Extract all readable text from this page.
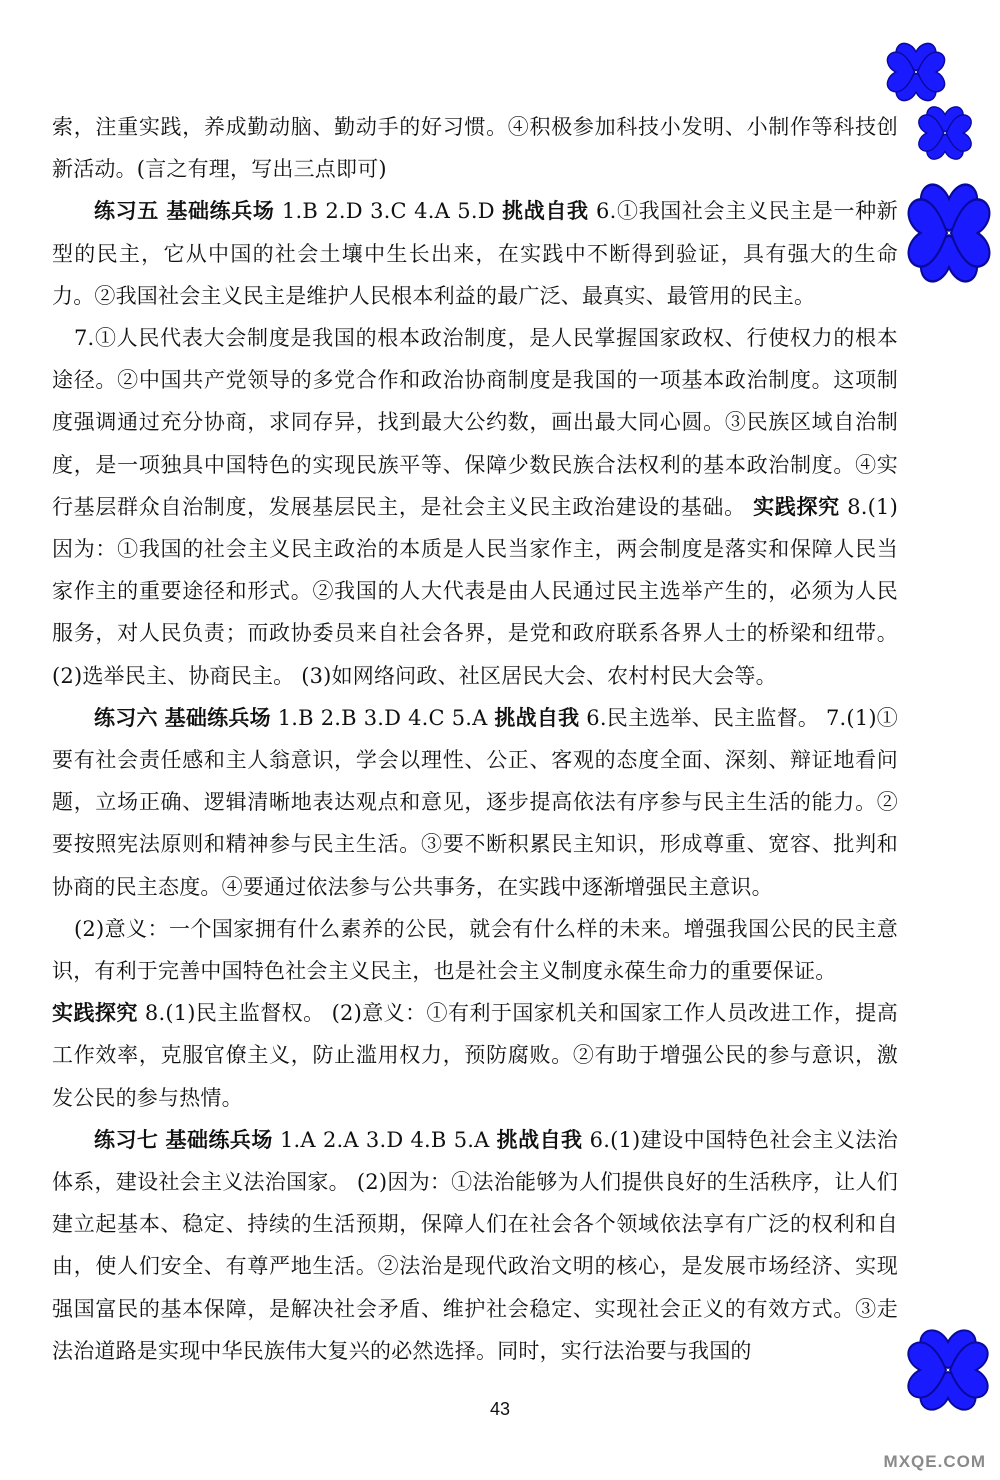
索，注重实践，养成勤动脑、勤动手的好习惯。④积极参加科技小发明、小制作等科技创新活动。(言之有理，写出三点即可)

练习五 基础练兵场 1.B 2.D 3.C 4.A 5.D 挑战自我 6.①我国社会主义民主是一种新型的民主，它从中国的社会土壤中生长出来，在实践中不断得到验证，具有强大的生命力。②我国社会主义民主是维护人民根本利益的最广泛、最真实、最管用的民主。

7.①人民代表大会制度是我国的根本政治制度，是人民掌握国家政权、行使权力的根本途径。②中国共产党领导的多党合作和政治协商制度是我国的一项基本政治制度。这项制度强调通过充分协商，求同存异，找到最大公约数，画出最大同心圆。③民族区域自治制度，是一项独具中国特色的实现民族平等、保障少数民族合法权利的基本政治制度。④实行基层群众自治制度，发展基层民主，是社会主义民主政治建设的基础。 实践探究 8.(1)因为：①我国的社会主义民主政治的本质是人民当家作主，两会制度是落实和保障人民当家作主的重要途径和形式。②我国的人大代表是由人民通过民主选举产生的，必须为人民服务，对人民负责；而政协委员来自社会各界，是党和政府联系各界人士的桥梁和纽带。 (2)选举民主、协商民主。 (3)如网络问政、社区居民大会、农村村民大会等。

练习六 基础练兵场 1.B 2.B 3.D 4.C 5.A 挑战自我 6.民主选举、民主监督。 7.(1)①要有社会责任感和主人翁意识，学会以理性、公正、客观的态度全面、深刻、辩证地看问题，立场正确、逻辑清晰地表达观点和意见，逐步提高依法有序参与民主生活的能力。②要按照宪法原则和精神参与民主生活。③要不断积累民主知识，形成尊重、宽容、批判和协商的民主态度。④要通过依法参与公共事务，在实践中逐渐增强民主意识。

(2)意义：一个国家拥有什么素养的公民，就会有什么样的未来。增强我国公民的民主意识，有利于完善中国特色社会主义民主，也是社会主义制度永葆生命力的重要保证。

实践探究 8.(1)民主监督权。 (2)意义：①有利于国家机关和国家工作人员改进工作，提高工作效率，克服官僚主义，防止滥用权力，预防腐败。②有助于增强公民的参与意识，激发公民的参与热情。

练习七 基础练兵场 1.A 2.A 3.D 4.B 5.A 挑战自我 6.(1)建设中国特色社会主义法治体系，建设社会主义法治国家。 (2)因为：①法治能够为人们提供良好的生活秩序，让人们建立起基本、稳定、持续的生活预期，保障人们在社会各个领域依法享有广泛的权利和自由，使人们安全、有尊严地生活。②法治是现代政治文明的核心，是发展市场经济、实现强国富民的基本保障，是解决社会矛盾、维护社会稳定、实现社会正义的有效方式。③走法治道路是实现中华民族伟大复兴的必然选择。同时，实行法治要与我国的

43
MXQE.COM
